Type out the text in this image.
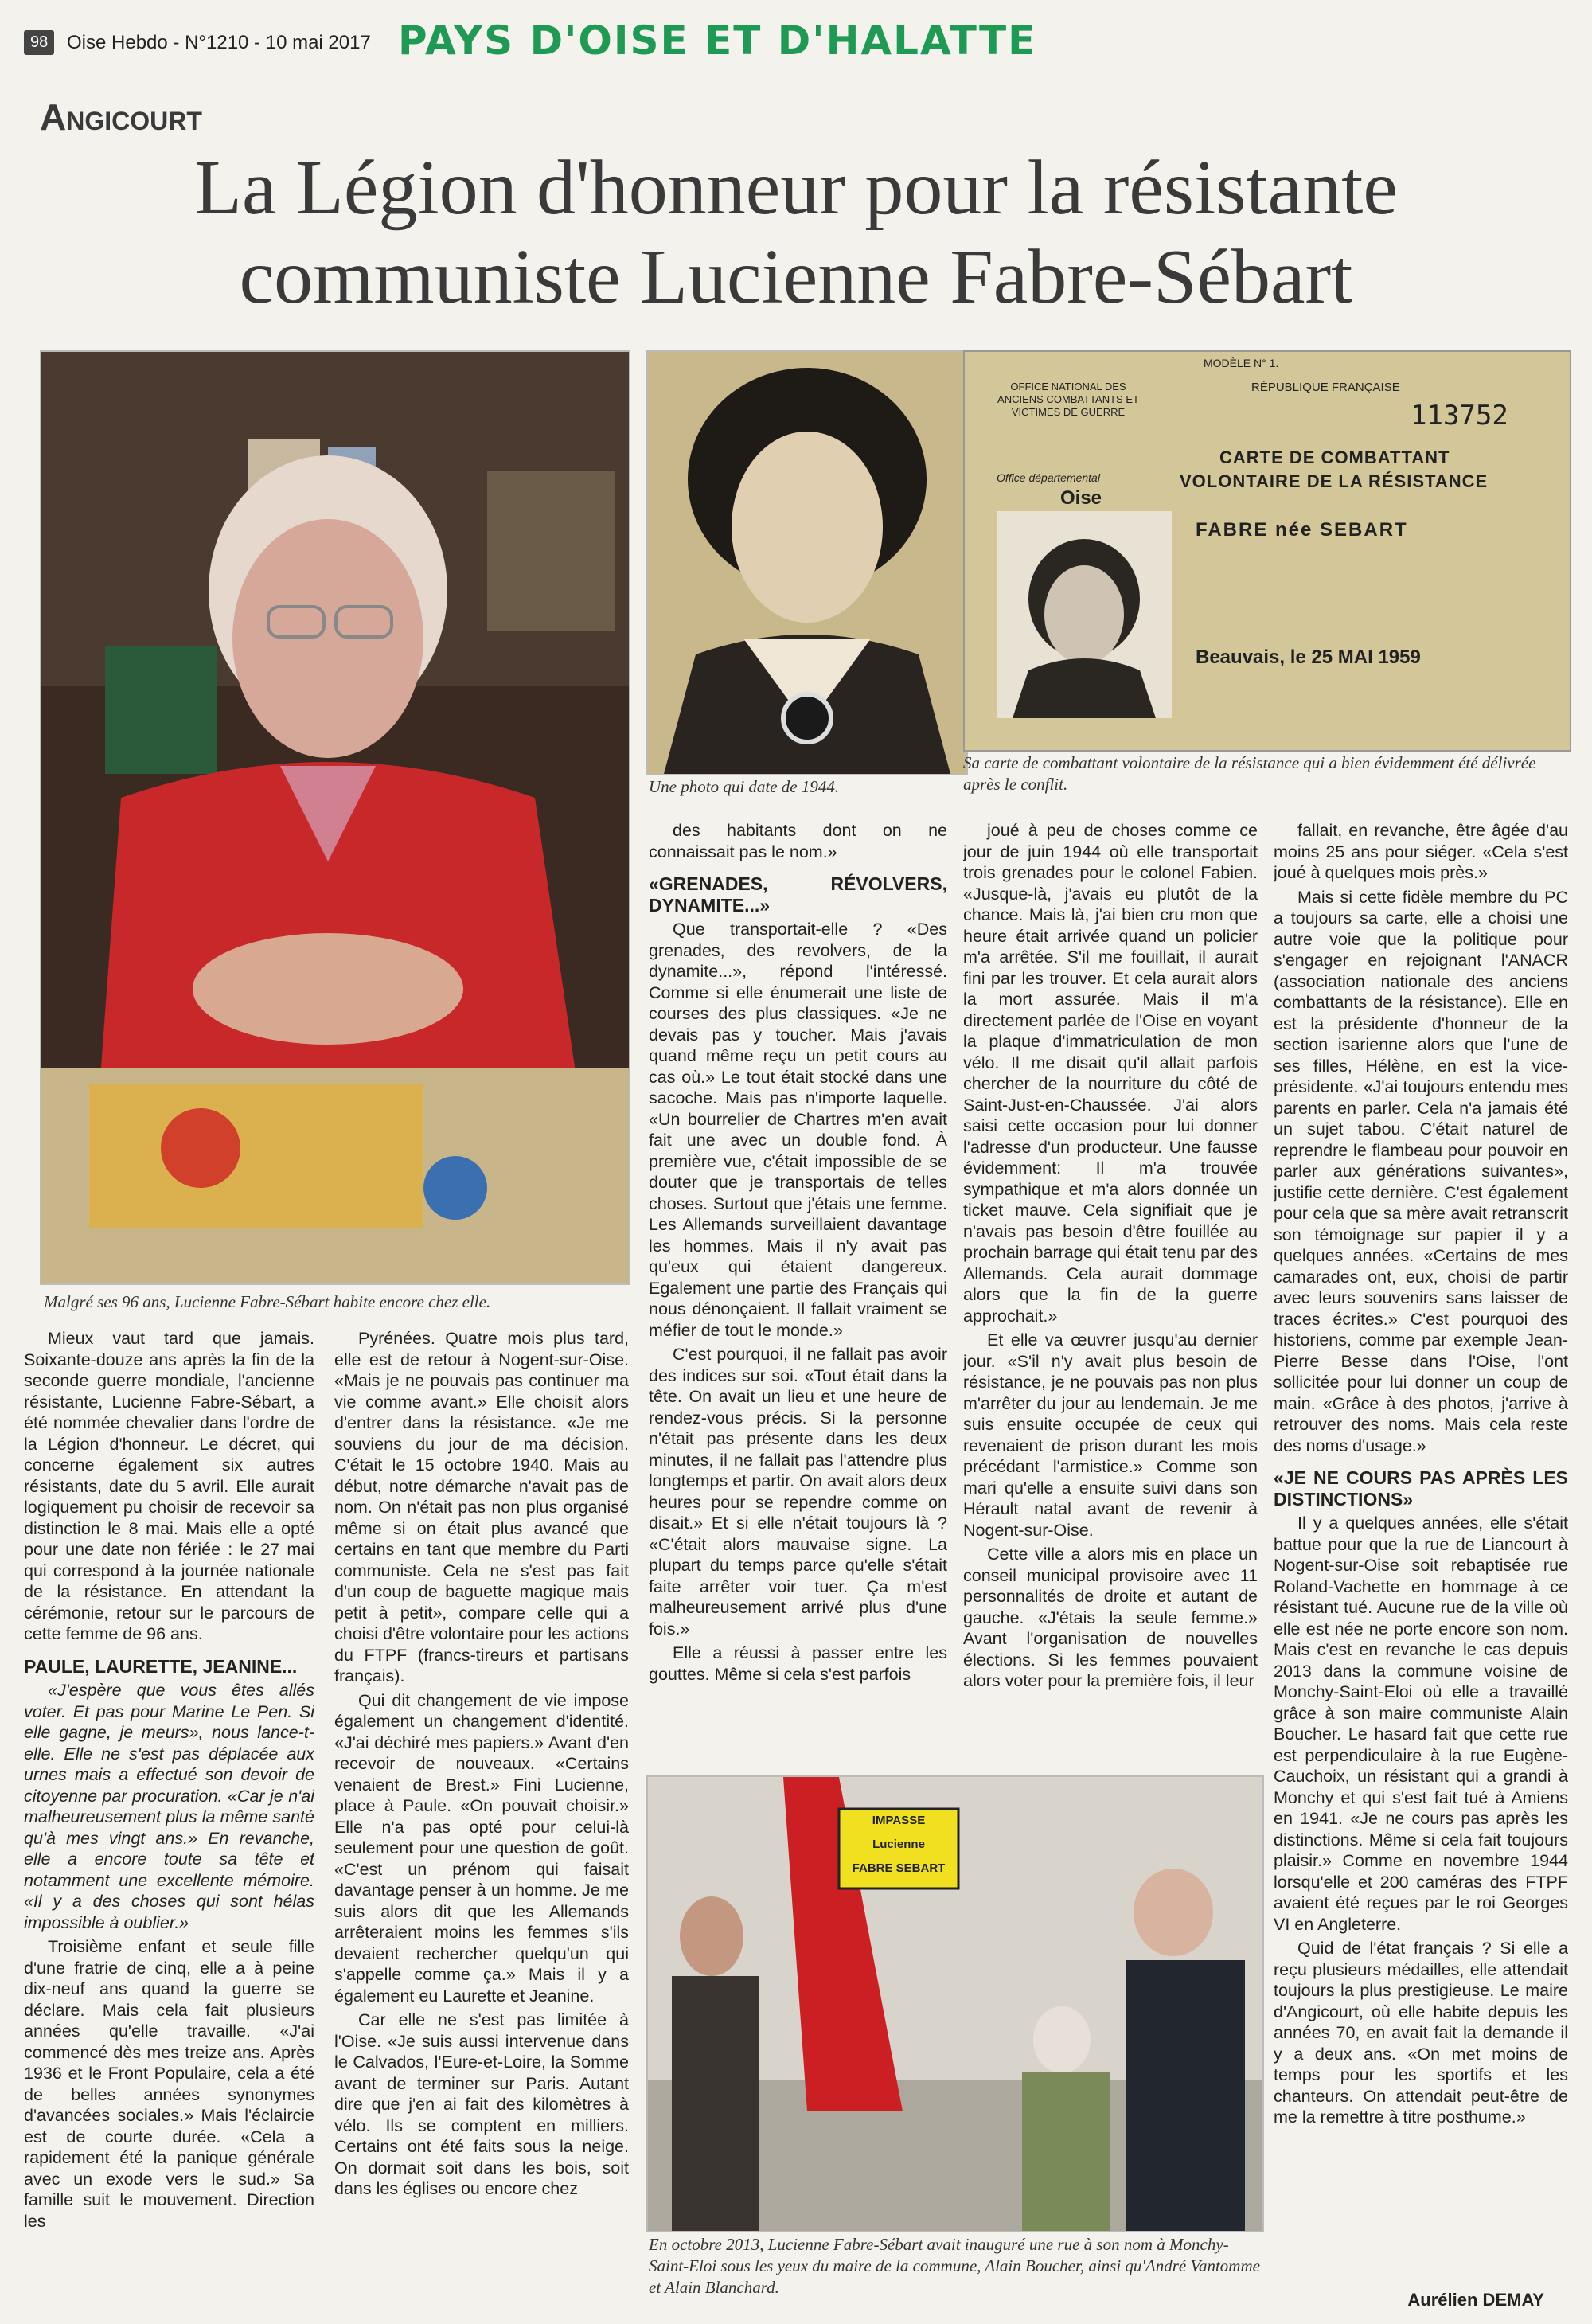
98 Oise Hebdo - N°1210 - 10 mai 2017 PAYS D'OISE ET D'HALATTE
Angicourt
La Légion d'honneur pour la résistante
communiste Lucienne Fabre-Sébart
Malgré ses 96 ans, Lucienne Fabre-Sébart habite encore chez elle.
Une photo qui date de 1944.
MODÈLE N° 1.
OFFICE NATIONAL DES ANCIENS COMBATTANTS ET VICTIMES DE GUERRE
RÉPUBLIQUE FRANÇAISE
113752
CARTE DE COMBATTANT
VOLONTAIRE DE LA RÉSISTANCE
Office départemental
Oise
FABRE née SEBART
Beauvais, le 25 MAI 1959
Sa carte de combattant volontaire de la résistance qui a bien évidemment été délivrée après le conflit.
IMPASSE
Lucienne
FABRE SEBART
En octobre 2013, Lucienne Fabre-Sébart avait inauguré une rue à son nom à Monchy-Saint-Eloi sous les yeux du maire de la commune, Alain Boucher, ainsi qu'André Vantomme et Alain Blanchard.

Mieux vaut tard que jamais. Soixante-douze ans après la fin de la seconde guerre mondiale, l'ancienne résistante, Lucienne Fabre-Sébart, a été nommée chevalier dans l'ordre de la Légion d'honneur. Le décret, qui concerne également six autres résistants, date du 5 avril. Elle aurait logiquement pu choisir de recevoir sa distinction le 8 mai. Mais elle a opté pour une date non fériée : le 27 mai qui correspond à la journée nationale de la résistance. En attendant la cérémonie, retour sur le parcours de cette femme de 96 ans.

PAULE, LAURETTE, JEANINE...

«J'espère que vous êtes allés voter. Et pas pour Marine Le Pen. Si elle gagne, je meurs», nous lance-t-elle. Elle ne s'est pas déplacée aux urnes mais a effectué son devoir de citoyenne par procuration. «Car je n'ai malheureusement plus la même santé qu'à mes vingt ans.» En revanche, elle a encore toute sa tête et notamment une excellente mémoire. «Il y a des choses qui sont hélas impossible à oublier.»

Troisième enfant et seule fille d'une fratrie de cinq, elle a à peine dix-neuf ans quand la guerre se déclare. Mais cela fait plusieurs années qu'elle travaille. «J'ai commencé dès mes treize ans. Après 1936 et le Front Populaire, cela a été de belles années synonymes d'avancées sociales.» Mais l'éclaircie est de courte durée. «Cela a rapidement été la panique générale avec un exode vers le sud.» Sa famille suit le mouvement. Direction les

Pyrénées. Quatre mois plus tard, elle est de retour à Nogent-sur-Oise. «Mais je ne pouvais pas continuer ma vie comme avant.» Elle choisit alors d'entrer dans la résistance. «Je me souviens du jour de ma décision. C'était le 15 octobre 1940. Mais au début, notre démarche n'avait pas de nom. On n'était pas non plus organisé même si on était plus avancé que certains en tant que membre du Parti communiste. Cela ne s'est pas fait d'un coup de baguette magique mais petit à petit», compare celle qui a choisi d'être volontaire pour les actions du FTPF (francs-tireurs et partisans français).

Qui dit changement de vie impose également un changement d'identité. «J'ai déchiré mes papiers.» Avant d'en recevoir de nouveaux. «Certains venaient de Brest.» Fini Lucienne, place à Paule. «On pouvait choisir.» Elle n'a pas opté pour celui-là seulement pour une question de goût. «C'est un prénom qui faisait davantage penser à un homme. Je me suis alors dit que les Allemands arrêteraient moins les femmes s'ils devaient rechercher quelqu'un qui s'appelle comme ça.» Mais il y a également eu Laurette et Jeanine.

Car elle ne s'est pas limitée à l'Oise. «Je suis aussi intervenue dans le Calvados, l'Eure-et-Loire, la Somme avant de terminer sur Paris. Autant dire que j'en ai fait des kilomètres à vélo. Ils se comptent en milliers. Certains ont été faits sous la neige. On dormait soit dans les bois, soit dans les églises ou encore chez

des habitants dont on ne connaissait pas le nom.»

«GRENADES, RÉVOLVERS, DYNAMITE...»

Que transportait-elle ? «Des grenades, des revolvers, de la dynamite...», répond l'intéressé. Comme si elle énumerait une liste de courses des plus classiques. «Je ne devais pas y toucher. Mais j'avais quand même reçu un petit cours au cas où.» Le tout était stocké dans une sacoche. Mais pas n'importe laquelle. «Un bourrelier de Chartres m'en avait fait une avec un double fond. À première vue, c'était impossible de se douter que je transportais de telles choses. Surtout que j'étais une femme. Les Allemands surveillaient davantage les hommes. Mais il n'y avait pas qu'eux qui étaient dangereux. Egalement une partie des Français qui nous dénonçaient. Il fallait vraiment se méfier de tout le monde.»

C'est pourquoi, il ne fallait pas avoir des indices sur soi. «Tout était dans la tête. On avait un lieu et une heure de rendez-vous précis. Si la personne n'était pas présente dans les deux minutes, il ne fallait pas l'attendre plus longtemps et partir. On avait alors deux heures pour se rependre comme on disait.» Et si elle n'était toujours là ? «C'était alors mauvaise signe. La plupart du temps parce qu'elle s'était faite arrêter voir tuer. Ça m'est malheureusement arrivé plus d'une fois.»

Elle a réussi à passer entre les gouttes. Même si cela s'est parfois

joué à peu de choses comme ce jour de juin 1944 où elle transportait trois grenades pour le colonel Fabien. «Jusque-là, j'avais eu plutôt de la chance. Mais là, j'ai bien cru mon que heure était arrivée quand un policier m'a arrêtée. S'il me fouillait, il aurait fini par les trouver. Et cela aurait alors la mort assurée. Mais il m'a directement parlée de l'Oise en voyant la plaque d'immatriculation de mon vélo. Il me disait qu'il allait parfois chercher de la nourriture du côté de Saint-Just-en-Chaussée. J'ai alors saisi cette occasion pour lui donner l'adresse d'un producteur. Une fausse évidemment: Il m'a trouvée sympathique et m'a alors donnée un ticket mauve. Cela signifiait que je n'avais pas besoin d'être fouillée au prochain barrage qui était tenu par des Allemands. Cela aurait dommage alors que la fin de la guerre approchait.»

Et elle va œuvrer jusqu'au dernier jour. «S'il n'y avait plus besoin de résistance, je ne pouvais pas non plus m'arrêter du jour au lendemain. Je me suis ensuite occupée de ceux qui revenaient de prison durant les mois précédant l'armistice.» Comme son mari qu'elle a ensuite suivi dans son Hérault natal avant de revenir à Nogent-sur-Oise.

Cette ville a alors mis en place un conseil municipal provisoire avec 11 personnalités de droite et autant de gauche. «J'étais la seule femme.» Avant l'organisation de nouvelles élections. Si les femmes pouvaient alors voter pour la première fois, il leur

fallait, en revanche, être âgée d'au moins 25 ans pour siéger. «Cela s'est joué à quelques mois près.»

Mais si cette fidèle membre du PC a toujours sa carte, elle a choisi une autre voie que la politique pour s'engager en rejoignant l'ANACR (association nationale des anciens combattants de la résistance). Elle en est la présidente d'honneur de la section isarienne alors que l'une de ses filles, Hélène, en est la vice-présidente. «J'ai toujours entendu mes parents en parler. Cela n'a jamais été un sujet tabou. C'était naturel de reprendre le flambeau pour pouvoir en parler aux générations suivantes», justifie cette dernière. C'est également pour cela que sa mère avait retranscrit son témoignage sur papier il y a quelques années. «Certains de mes camarades ont, eux, choisi de partir avec leurs souvenirs sans laisser de traces écrites.» C'est pourquoi des historiens, comme par exemple Jean-Pierre Besse dans l'Oise, l'ont sollicitée pour lui donner un coup de main. «Grâce à des photos, j'arrive à retrouver des noms. Mais cela reste des noms d'usage.»

«JE NE COURS PAS APRÈS LES DISTINCTIONS»

Il y a quelques années, elle s'était battue pour que la rue de Liancourt à Nogent-sur-Oise soit rebaptisée rue Roland-Vachette en hommage à ce résistant tué. Aucune rue de la ville où elle est née ne porte encore son nom. Mais c'est en revanche le cas depuis 2013 dans la commune voisine de Monchy-Saint-Eloi où elle a travaillé grâce à son maire communiste Alain Boucher. Le hasard fait que cette rue est perpendiculaire à la rue Eugène-Cauchoix, un résistant qui a grandi à Monchy et qui s'est fait tué à Amiens en 1941. «Je ne cours pas après les distinctions. Même si cela fait toujours plaisir.» Comme en novembre 1944 lorsqu'elle et 200 caméras des FTPF avaient été reçues par le roi Georges VI en Angleterre.

Quid de l'état français ? Si elle a reçu plusieurs médailles, elle attendait toujours la plus prestigieuse. Le maire d'Angicourt, où elle habite depuis les années 70, en avait fait la demande il y a deux ans. «On met moins de temps pour les sportifs et les chanteurs. On attendait peut-être de me la remettre à titre posthume.»

Aurélien DEMAY
